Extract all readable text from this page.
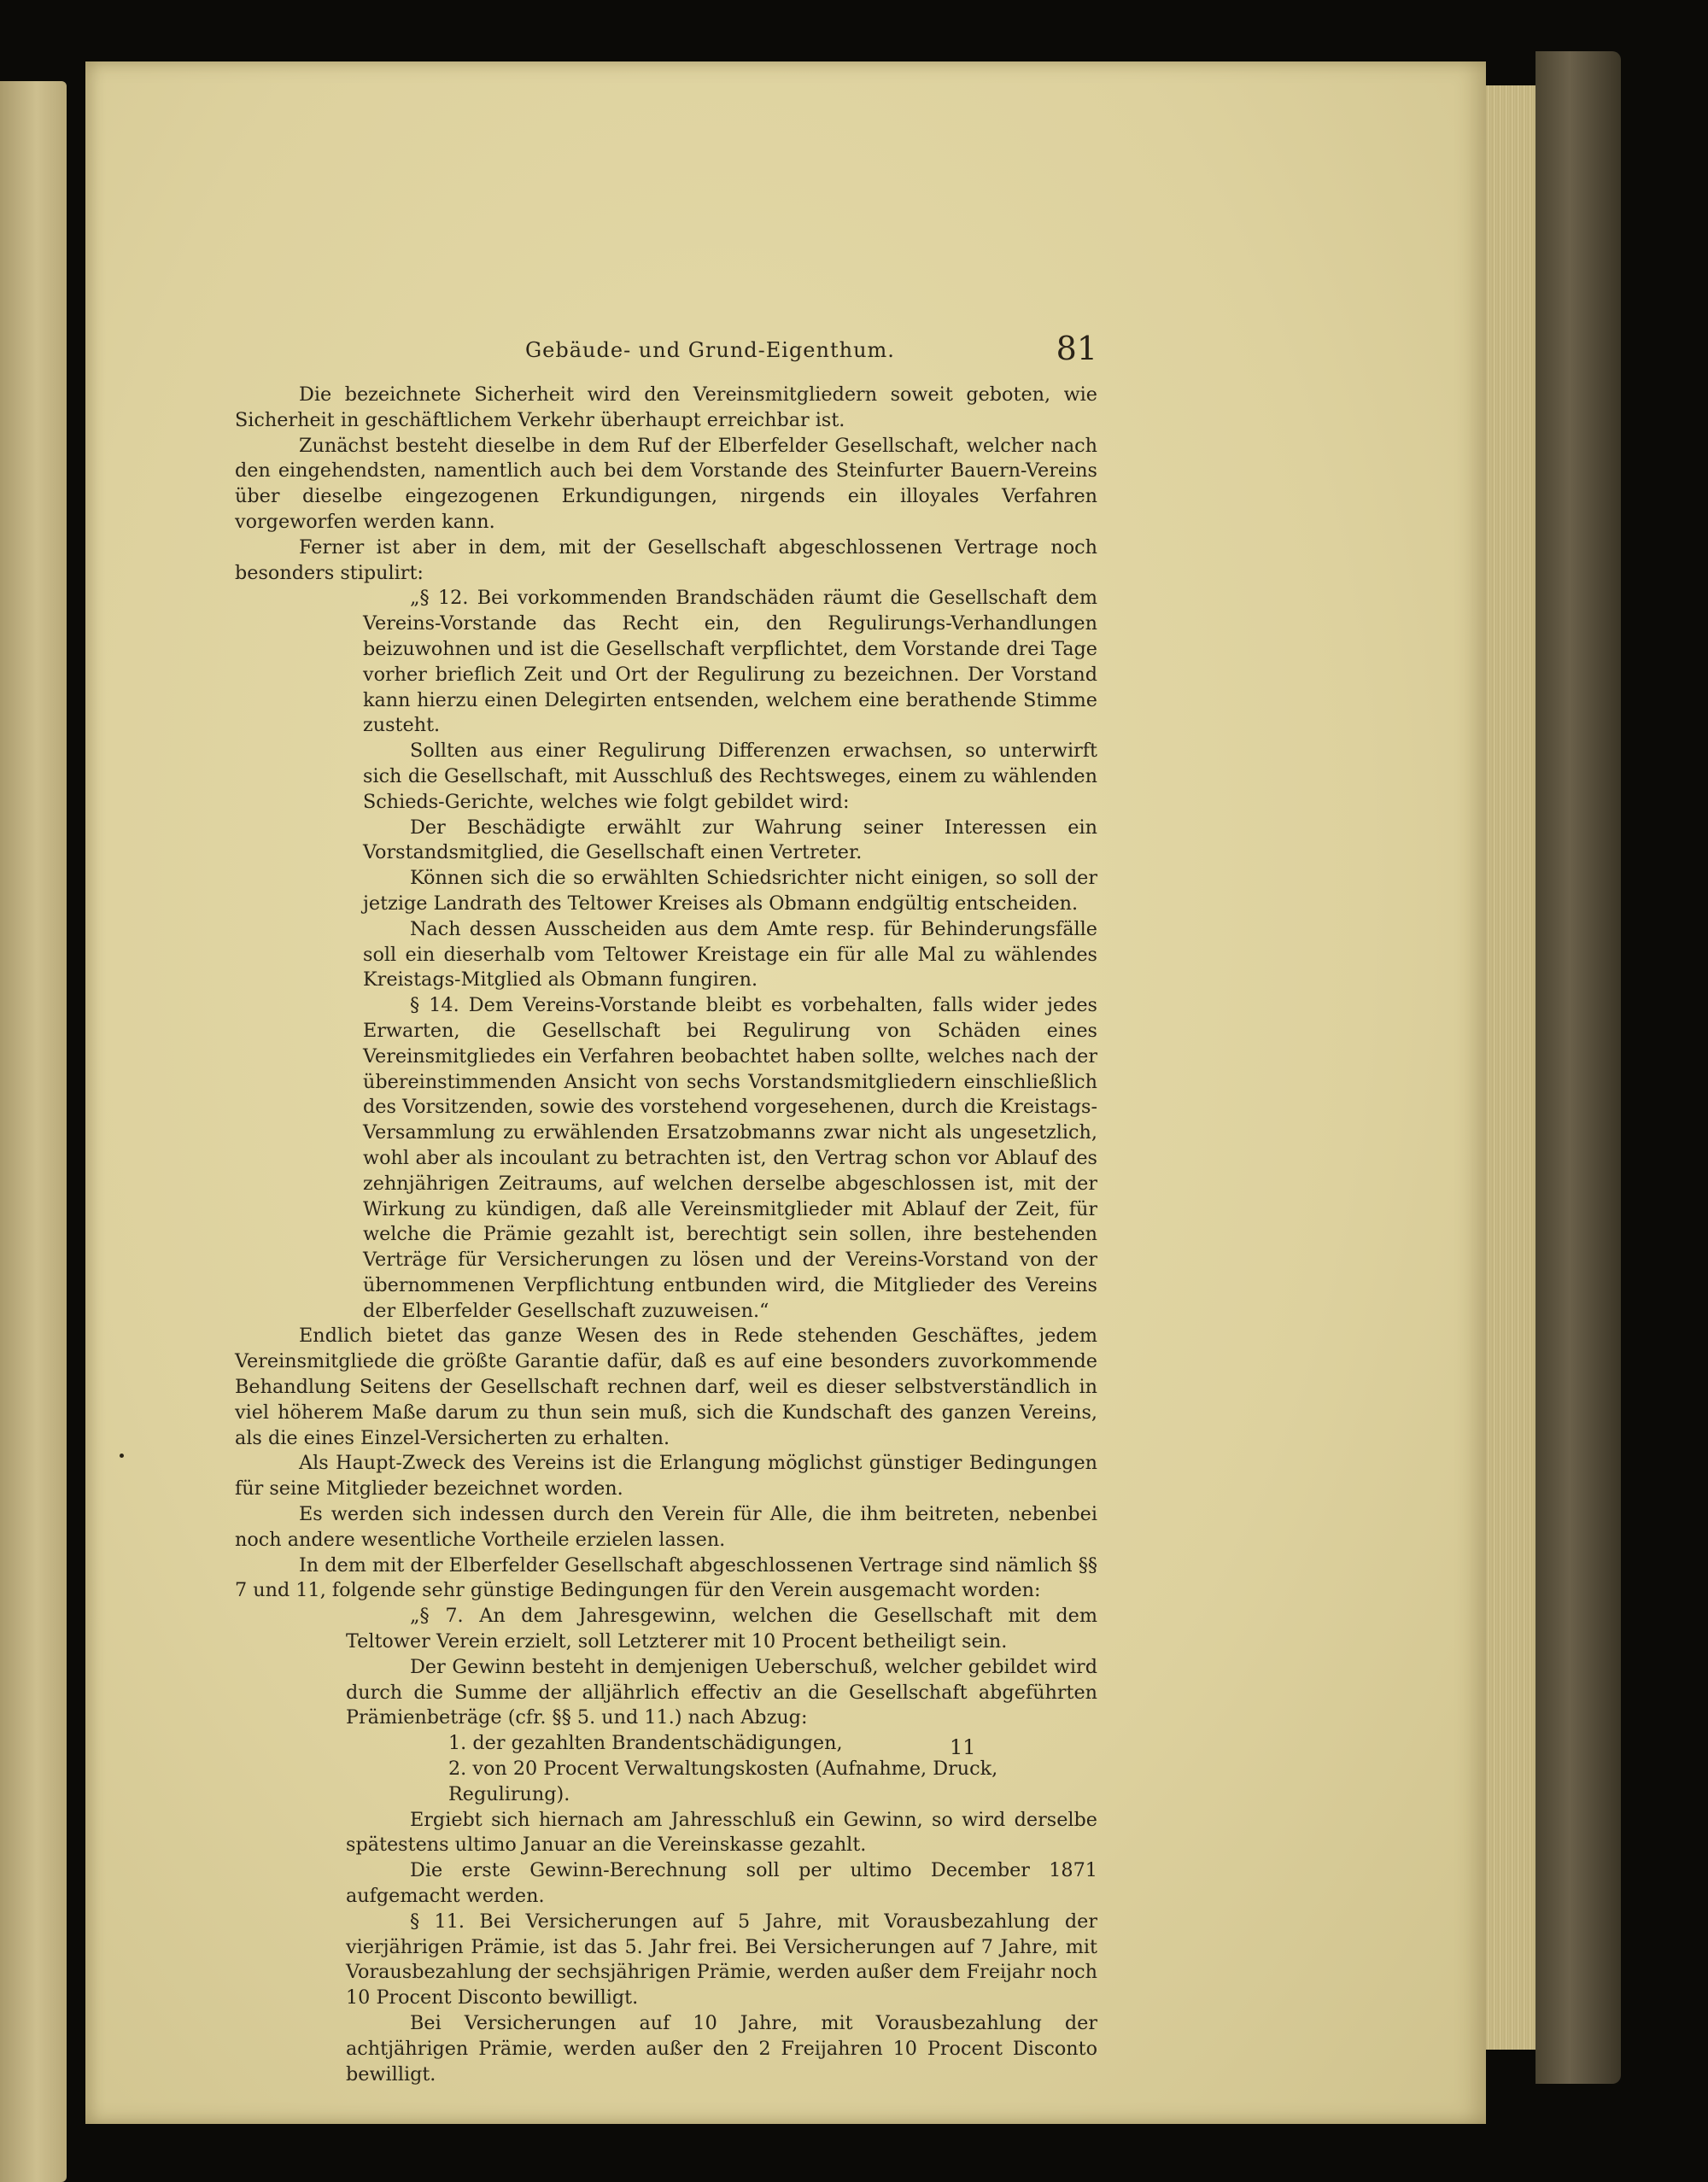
Gebäude- und Grund-Eigenthum.	81

Die bezeichnete Sicherheit wird den Vereinsmitgliedern soweit geboten, wie Sicherheit in geschäftlichem Verkehr überhaupt erreichbar ist.

Zunächst besteht dieselbe in dem Ruf der Elberfelder Gesellschaft, welcher nach den eingehendsten, namentlich auch bei dem Vorstande des Steinfurter Bauern-Vereins über dieselbe eingezogenen Erkundigungen, nirgends ein illoyales Verfahren vorgeworfen werden kann.

Ferner ist aber in dem, mit der Gesellschaft abgeschlossenen Vertrage noch besonders stipulirt:

„§ 12. Bei vorkommenden Brandschäden räumt die Gesellschaft dem Vereins-Vorstande das Recht ein, den Regulirungs-Verhandlungen beizuwohnen und ist die Gesellschaft verpflichtet, dem Vorstande drei Tage vorher brieflich Zeit und Ort der Regulirung zu bezeichnen. Der Vorstand kann hierzu einen Delegirten entsenden, welchem eine berathende Stimme zusteht.

Sollten aus einer Regulirung Differenzen erwachsen, so unterwirft sich die Gesellschaft, mit Ausschluß des Rechtsweges, einem zu wählenden Schieds-Gerichte, welches wie folgt gebildet wird:

Der Beschädigte erwählt zur Wahrung seiner Interessen ein Vorstandsmitglied, die Gesellschaft einen Vertreter.

Können sich die so erwählten Schiedsrichter nicht einigen, so soll der jetzige Landrath des Teltower Kreises als Obmann endgültig entscheiden.

Nach dessen Ausscheiden aus dem Amte resp. für Behinderungsfälle soll ein dieserhalb vom Teltower Kreistage ein für alle Mal zu wählendes Kreistags-Mitglied als Obmann fungiren.

§ 14. Dem Vereins-Vorstande bleibt es vorbehalten, falls wider jedes Erwarten, die Gesellschaft bei Regulirung von Schäden eines Vereinsmitgliedes ein Verfahren beobachtet haben sollte, welches nach der übereinstimmenden Ansicht von sechs Vorstandsmitgliedern einschließlich des Vorsitzenden, sowie des vorstehend vorgesehenen, durch die Kreistags-Versammlung zu erwählenden Ersatzobmanns zwar nicht als ungesetzlich, wohl aber als incoulant zu betrachten ist, den Vertrag schon vor Ablauf des zehnjährigen Zeitraums, auf welchen derselbe abgeschlossen ist, mit der Wirkung zu kündigen, daß alle Vereinsmitglieder mit Ablauf der Zeit, für welche die Prämie gezahlt ist, berechtigt sein sollen, ihre bestehenden Verträge für Versicherungen zu lösen und der Vereins-Vorstand von der übernommenen Verpflichtung entbunden wird, die Mitglieder des Vereins der Elberfelder Gesellschaft zuzuweisen.“

Endlich bietet das ganze Wesen des in Rede stehenden Geschäftes, jedem Vereinsmitgliede die größte Garantie dafür, daß es auf eine besonders zuvorkommende Behandlung Seitens der Gesellschaft rechnen darf, weil es dieser selbstverständlich in viel höherem Maße darum zu thun sein muß, sich die Kundschaft des ganzen Vereins, als die eines Einzel-Versicherten zu erhalten.

Als Haupt-Zweck des Vereins ist die Erlangung möglichst günstiger Bedingungen für seine Mitglieder bezeichnet worden.

Es werden sich indessen durch den Verein für Alle, die ihm beitreten, nebenbei noch andere wesentliche Vortheile erzielen lassen.

In dem mit der Elberfelder Gesellschaft abgeschlossenen Vertrage sind nämlich §§ 7 und 11, folgende sehr günstige Bedingungen für den Verein ausgemacht worden:

„§ 7. An dem Jahresgewinn, welchen die Gesellschaft mit dem Teltower Verein erzielt, soll Letzterer mit 10 Procent betheiligt sein.

Der Gewinn besteht in demjenigen Ueberschuß, welcher gebildet wird durch die Summe der alljährlich effectiv an die Gesellschaft abgeführten Prämienbeträge (cfr. §§ 5. und 11.) nach Abzug:

1. der gezahlten Brandentschädigungen,

2. von 20 Procent Verwaltungskosten (Aufnahme, Druck, Regulirung).

Ergiebt sich hiernach am Jahresschluß ein Gewinn, so wird derselbe spätestens ultimo Januar an die Vereinskasse gezahlt.

Die erste Gewinn-Berechnung soll per ultimo December 1871 aufgemacht werden.

§ 11. Bei Versicherungen auf 5 Jahre, mit Vorausbezahlung der vierjährigen Prämie, ist das 5. Jahr frei. Bei Versicherungen auf 7 Jahre, mit Vorausbezahlung der sechsjährigen Prämie, werden außer dem Freijahr noch 10 Procent Disconto bewilligt.

Bei Versicherungen auf 10 Jahre, mit Vorausbezahlung der achtjährigen Prämie, werden außer den 2 Freijahren 10 Procent Disconto bewilligt.

11
